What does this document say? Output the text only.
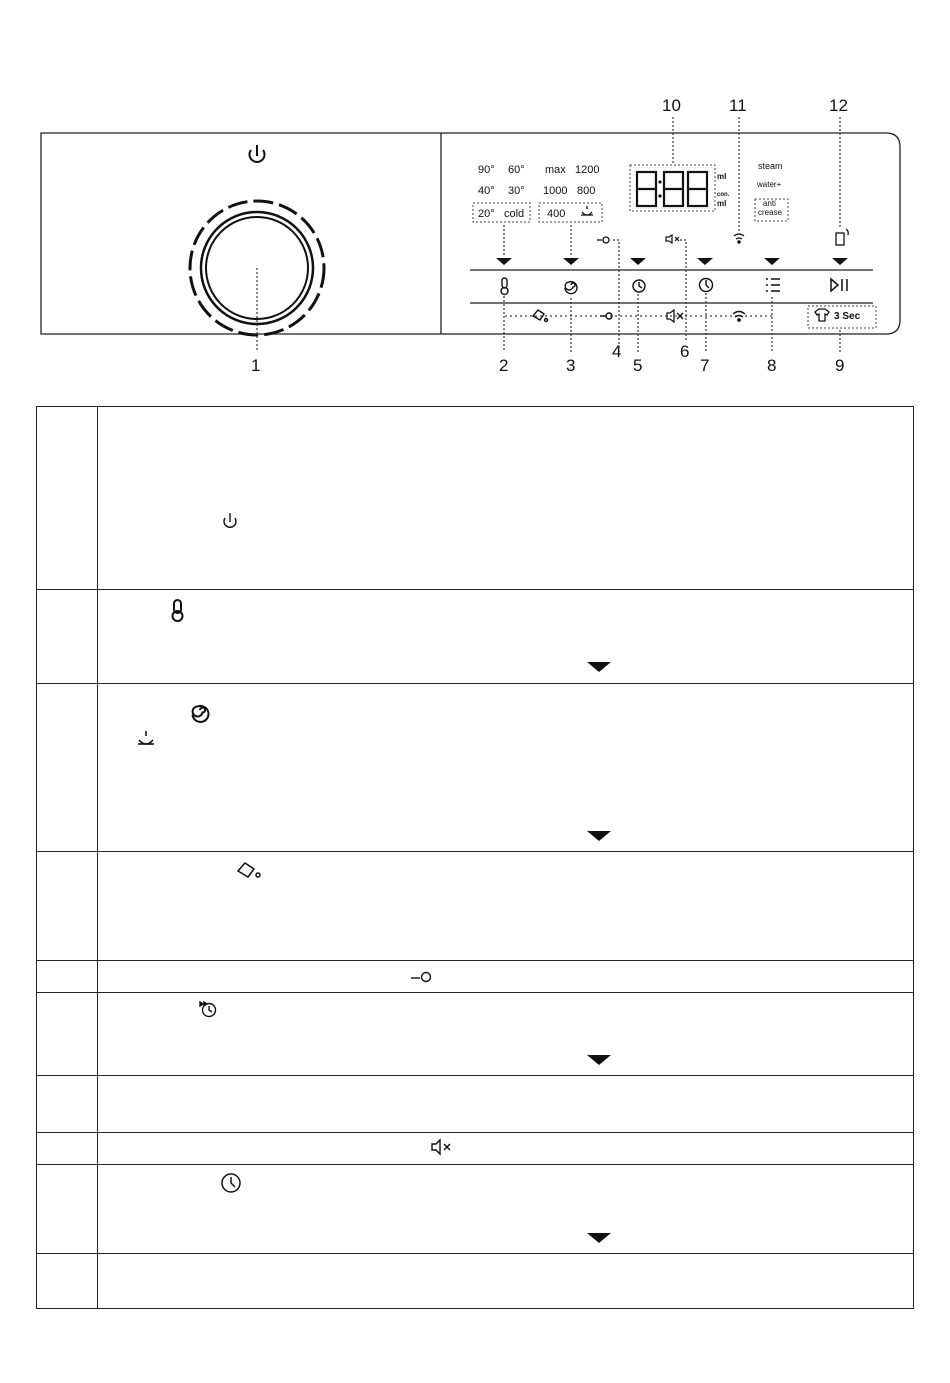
90° 60°
40° 30°
20° cold
max 1200
1000 800
400
ml
con.
ml
steam
water+
anti
crease
3 Sec
1	2	3
4
5
6
7	8	9
10	11	12
